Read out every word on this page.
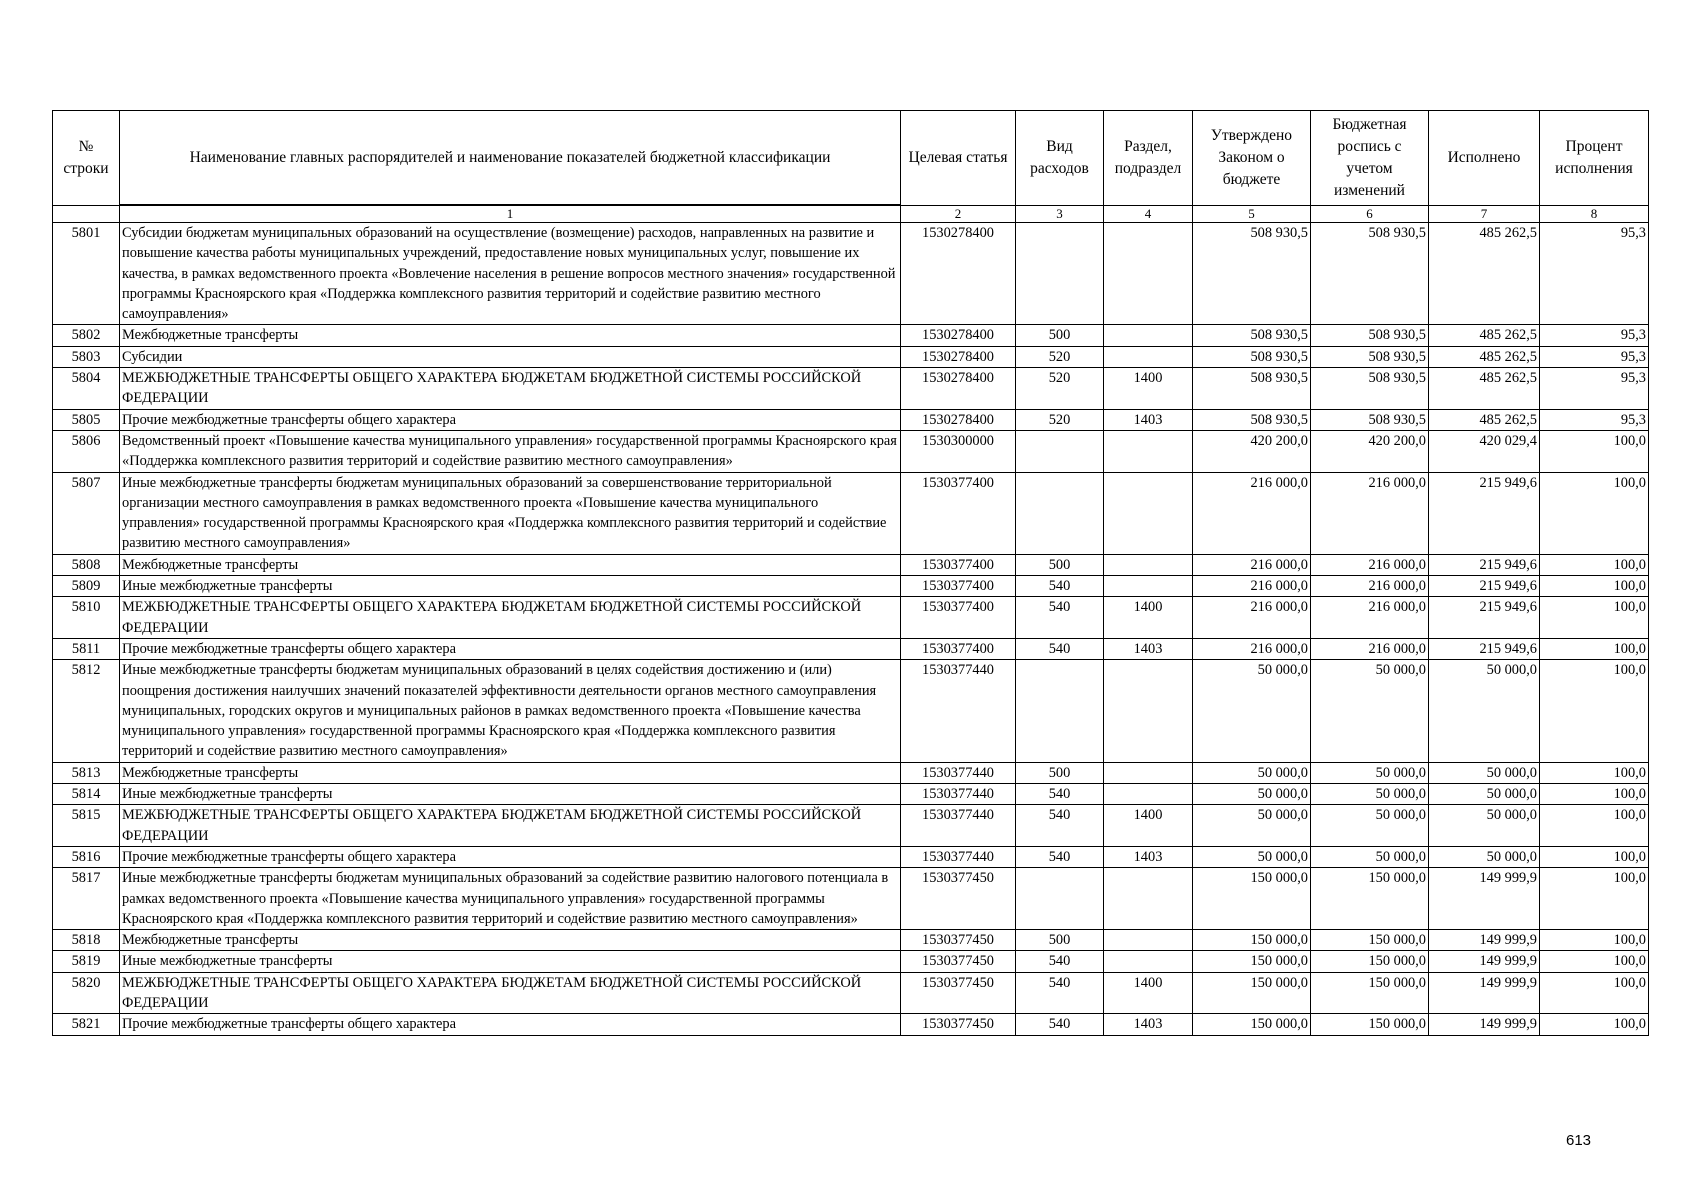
№ строки	Наименование главных распорядителей и наименование показателей бюджетной классификации	Целевая статья	Вид расходов	Раздел, подраздел	Утверждено Законом о бюджете	Бюджетная роспись с учетом изменений	Исполнено	Процент исполнения
	1	2	3	4	5	6	7	8
5801	Субсидии бюджетам муниципальных образований на осуществление (возмещение) расходов, направленных на развитие и повышение качества работы муниципальных учреждений, предоставление новых муниципальных услуг, повышение их качества, в рамках ведомственного проекта «Вовлечение населения в решение вопросов местного значения» государственной программы Красноярского края «Поддержка комплексного развития территорий и содействие развитию местного самоуправления»	1530278400			508 930,5	508 930,5	485 262,5	95,3
5802	Межбюджетные трансферты	1530278400	500		508 930,5	508 930,5	485 262,5	95,3
5803	Субсидии	1530278400	520		508 930,5	508 930,5	485 262,5	95,3
5804	МЕЖБЮДЖЕТНЫЕ ТРАНСФЕРТЫ ОБЩЕГО ХАРАКТЕРА БЮДЖЕТАМ БЮДЖЕТНОЙ СИСТЕМЫ РОССИЙСКОЙ ФЕДЕРАЦИИ	1530278400	520	1400	508 930,5	508 930,5	485 262,5	95,3
5805	Прочие межбюджетные трансферты общего характера	1530278400	520	1403	508 930,5	508 930,5	485 262,5	95,3
5806	Ведомственный проект «Повышение качества муниципального управления» государственной программы Красноярского края «Поддержка комплексного развития территорий и содействие развитию местного самоуправления»	1530300000			420 200,0	420 200,0	420 029,4	100,0
5807	Иные межбюджетные трансферты бюджетам муниципальных образований за совершенствование территориальной организации местного самоуправления в рамках ведомственного проекта «Повышение качества муниципального управления» государственной программы Красноярского края «Поддержка комплексного развития территорий и содействие развитию местного самоуправления»	1530377400			216 000,0	216 000,0	215 949,6	100,0
5808	Межбюджетные трансферты	1530377400	500		216 000,0	216 000,0	215 949,6	100,0
5809	Иные межбюджетные трансферты	1530377400	540		216 000,0	216 000,0	215 949,6	100,0
5810	МЕЖБЮДЖЕТНЫЕ ТРАНСФЕРТЫ ОБЩЕГО ХАРАКТЕРА БЮДЖЕТАМ БЮДЖЕТНОЙ СИСТЕМЫ РОССИЙСКОЙ ФЕДЕРАЦИИ	1530377400	540	1400	216 000,0	216 000,0	215 949,6	100,0
5811	Прочие межбюджетные трансферты общего характера	1530377400	540	1403	216 000,0	216 000,0	215 949,6	100,0
5812	Иные межбюджетные трансферты бюджетам муниципальных образований в целях содействия достижению и (или) поощрения достижения наилучших значений показателей эффективности деятельности органов местного самоуправления муниципальных, городских округов и муниципальных районов в рамках ведомственного проекта «Повышение качества муниципального управления» государственной программы Красноярского края «Поддержка комплексного развития территорий и содействие развитию местного самоуправления»	1530377440			50 000,0	50 000,0	50 000,0	100,0
5813	Межбюджетные трансферты	1530377440	500		50 000,0	50 000,0	50 000,0	100,0
5814	Иные межбюджетные трансферты	1530377440	540		50 000,0	50 000,0	50 000,0	100,0
5815	МЕЖБЮДЖЕТНЫЕ ТРАНСФЕРТЫ ОБЩЕГО ХАРАКТЕРА БЮДЖЕТАМ БЮДЖЕТНОЙ СИСТЕМЫ РОССИЙСКОЙ ФЕДЕРАЦИИ	1530377440	540	1400	50 000,0	50 000,0	50 000,0	100,0
5816	Прочие межбюджетные трансферты общего характера	1530377440	540	1403	50 000,0	50 000,0	50 000,0	100,0
5817	Иные межбюджетные трансферты бюджетам муниципальных образований за содействие развитию налогового потенциала в рамках ведомственного проекта «Повышение качества муниципального управления» государственной программы Красноярского края «Поддержка комплексного развития территорий и содействие развитию местного самоуправления»	1530377450			150 000,0	150 000,0	149 999,9	100,0
5818	Межбюджетные трансферты	1530377450	500		150 000,0	150 000,0	149 999,9	100,0
5819	Иные межбюджетные трансферты	1530377450	540		150 000,0	150 000,0	149 999,9	100,0
5820	МЕЖБЮДЖЕТНЫЕ ТРАНСФЕРТЫ ОБЩЕГО ХАРАКТЕРА БЮДЖЕТАМ БЮДЖЕТНОЙ СИСТЕМЫ РОССИЙСКОЙ ФЕДЕРАЦИИ	1530377450	540	1400	150 000,0	150 000,0	149 999,9	100,0
5821	Прочие межбюджетные трансферты общего характера	1530377450	540	1403	150 000,0	150 000,0	149 999,9	100,0
613
